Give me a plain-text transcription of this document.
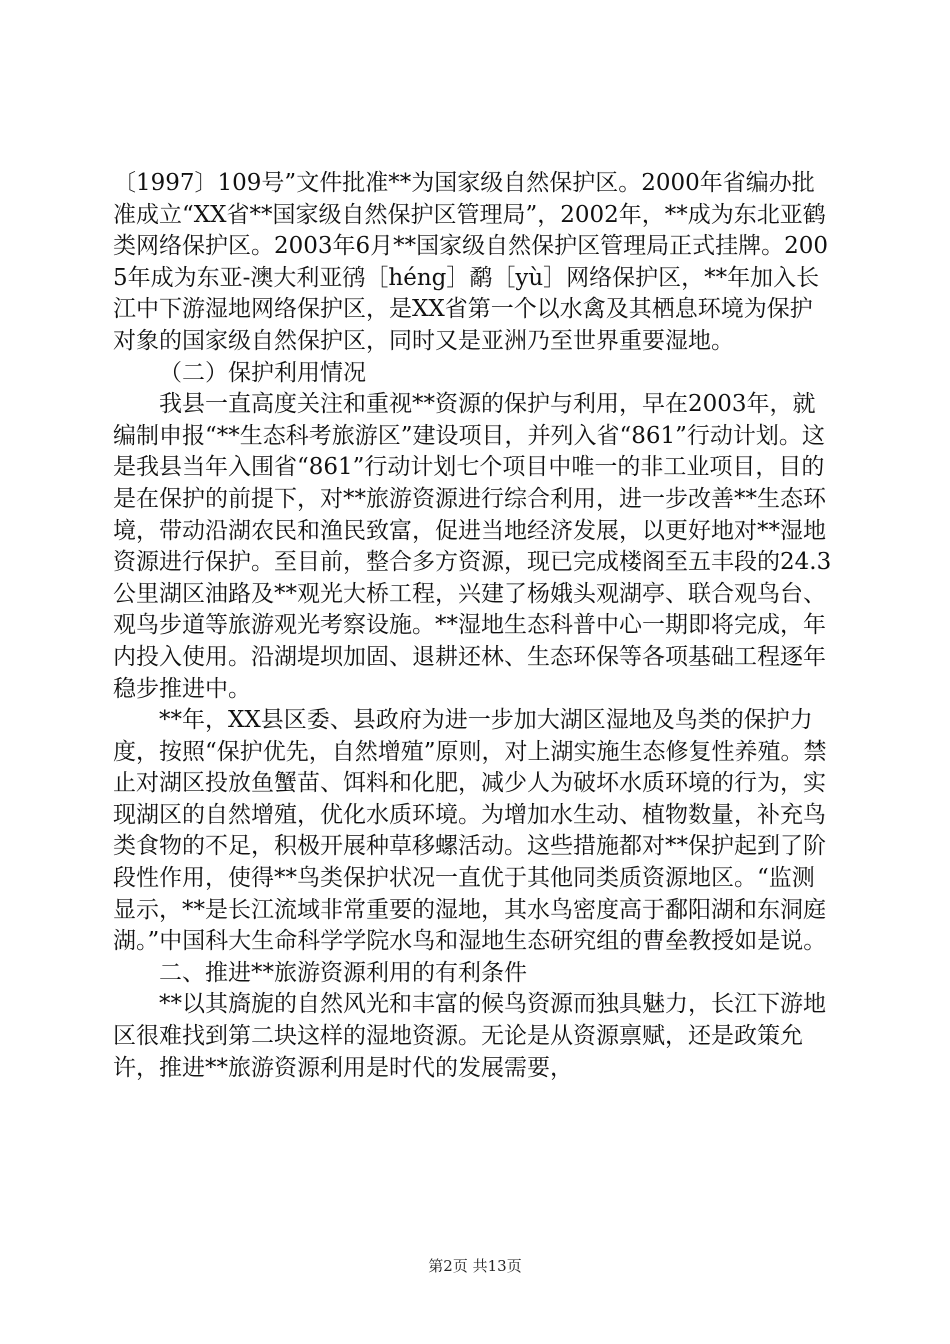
〔1997〕109号”文件批准**为国家级自然保护区。2000年省编办批准成立“XX省**国家级自然保护区管理局”，2002年，**成为东北亚鹤类网络保护区。2003年6月**国家级自然保护区管理局正式挂牌。2005年成为东亚-澳大利亚鸻［héng］鹬［yù］网络保护区，**年加入长江中下游湿地网络保护区，是XX省第一个以水禽及其栖息环境为保护对象的国家级自然保护区，同时又是亚洲乃至世界重要湿地。

（二）保护利用情况

我县一直高度关注和重视**资源的保护与利用，早在2003年，就编制申报“**生态科考旅游区”建设项目，并列入省“861”行动计划。这是我县当年入围省“861”行动计划七个项目中唯一的非工业项目，目的是在保护的前提下，对**旅游资源进行综合利用，进一步改善**生态环境，带动沿湖农民和渔民致富，促进当地经济发展，以更好地对**湿地资源进行保护。至目前，整合多方资源，现已完成楼阁至五丰段的24.3公里湖区油路及**观光大桥工程，兴建了杨娥头观湖亭、联合观鸟台、观鸟步道等旅游观光考察设施。**湿地生态科普中心一期即将完成，年内投入使用。沿湖堤坝加固、退耕还林、生态环保等各项基础工程逐年稳步推进中。

**年，XX县区委、县政府为进一步加大湖区湿地及鸟类的保护力度，按照“保护优先，自然增殖”原则，对上湖实施生态修复性养殖。禁止对湖区投放鱼蟹苗、饵料和化肥，减少人为破坏水质环境的行为，实现湖区的自然增殖，优化水质环境。为增加水生动、植物数量，补充鸟类食物的不足，积极开展种草移螺活动。这些措施都对**保护起到了阶段性作用，使得**鸟类保护状况一直优于其他同类质资源地区。“监测显示，**是长江流域非常重要的湿地，其水鸟密度高于鄱阳湖和东洞庭湖。”中国科大生命科学学院水鸟和湿地生态研究组的曹垒教授如是说。

二、推进**旅游资源利用的有利条件

**以其旖旎的自然风光和丰富的候鸟资源而独具魅力，长江下游地区很难找到第二块这样的湿地资源。无论是从资源禀赋，还是政策允许，推进**旅游资源利用是时代的发展需要，

第2页 共13页
